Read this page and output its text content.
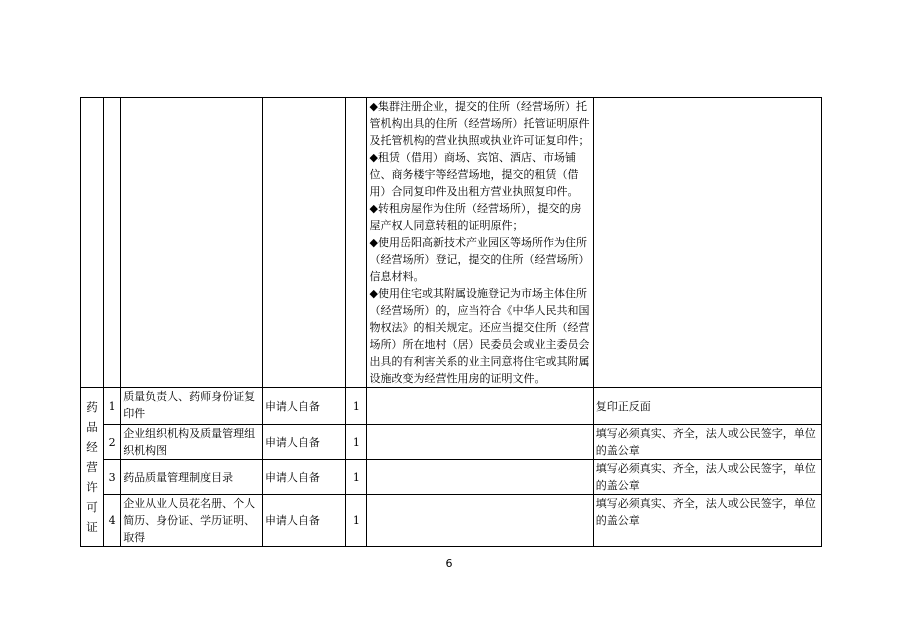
					◆集群注册企业，提交的住所（经营场所）托管机构出具的住所（经营场所）托管证明原件及托管机构的营业执照或执业许可证复印件；
◆租赁（借用）商场、宾馆、酒店、市场铺位、商务楼宇等经营场地，提交的租赁（借用）合同复印件及出租方营业执照复印件。
◆转租房屋作为住所（经营场所），提交的房屋产权人同意转租的证明原件；
◆使用岳阳高新技术产业园区等场所作为住所（经营场所）登记，提交的住所（经营场所）信息材料。
◆使用住宅或其附属设施登记为市场主体住所（经营场所）的，应当符合《中华人民共和国物权法》的相关规定。还应当提交住所（经营场所）所在地村（居）民委员会或业主委员会出具的有利害关系的业主同意将住宅或其附属设施改变为经营性用房的证明文件。	

药品
经营
许可
证	1	质量负责人、药师身份证复印件	申请人自备	1		复印正反面
	2	企业组织机构及质量管理组织机构图	申请人自备	1		填写必须真实、齐全，法人或公民签字，单位的盖公章
	3	药品质量管理制度目录	申请人自备	1		填写必须真实、齐全，法人或公民签字，单位的盖公章
	4	企业从业人员花名册、个人简历、身份证、学历证明、取得	申请人自备	1		填写必须真实、齐全，法人或公民签字，单位的盖公章
6
